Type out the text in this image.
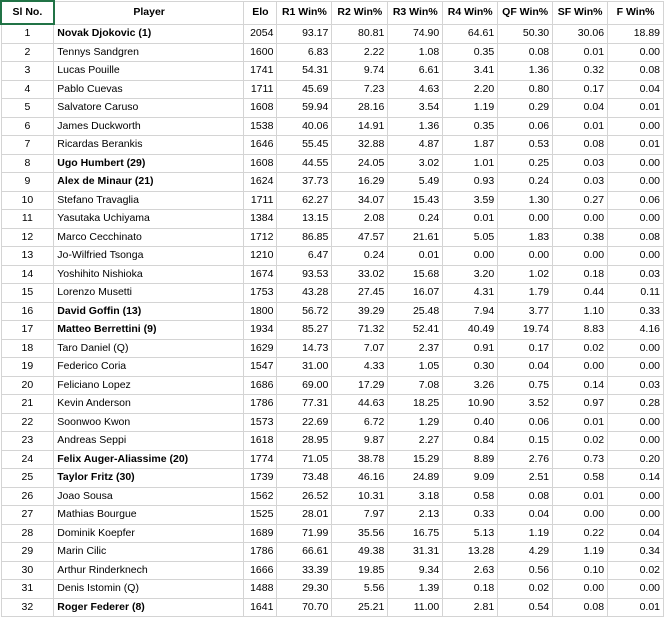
Sl No.	Player	Elo	R1 Win%	R2 Win%	R3 Win%	R4 Win%	QF Win%	SF Win%	F Win%
1	Novak Djokovic (1)	2054	93.17	80.81	74.90	64.61	50.30	30.06	18.89
2	Tennys Sandgren	1600	6.83	2.22	1.08	0.35	0.08	0.01	0.00
3	Lucas Pouille	1741	54.31	9.74	6.61	3.41	1.36	0.32	0.08
4	Pablo Cuevas	1711	45.69	7.23	4.63	2.20	0.80	0.17	0.04
5	Salvatore Caruso	1608	59.94	28.16	3.54	1.19	0.29	0.04	0.01
6	James Duckworth	1538	40.06	14.91	1.36	0.35	0.06	0.01	0.00
7	Ricardas Berankis	1646	55.45	32.88	4.87	1.87	0.53	0.08	0.01
8	Ugo Humbert (29)	1608	44.55	24.05	3.02	1.01	0.25	0.03	0.00
9	Alex de Minaur (21)	1624	37.73	16.29	5.49	0.93	0.24	0.03	0.00
10	Stefano Travaglia	1711	62.27	34.07	15.43	3.59	1.30	0.27	0.06
11	Yasutaka Uchiyama	1384	13.15	2.08	0.24	0.01	0.00	0.00	0.00
12	Marco Cecchinato	1712	86.85	47.57	21.61	5.05	1.83	0.38	0.08
13	Jo-Wilfried Tsonga	1210	6.47	0.24	0.01	0.00	0.00	0.00	0.00
14	Yoshihito Nishioka	1674	93.53	33.02	15.68	3.20	1.02	0.18	0.03
15	Lorenzo Musetti	1753	43.28	27.45	16.07	4.31	1.79	0.44	0.11
16	David Goffin (13)	1800	56.72	39.29	25.48	7.94	3.77	1.10	0.33
17	Matteo Berrettini (9)	1934	85.27	71.32	52.41	40.49	19.74	8.83	4.16
18	Taro Daniel (Q)	1629	14.73	7.07	2.37	0.91	0.17	0.02	0.00
19	Federico Coria	1547	31.00	4.33	1.05	0.30	0.04	0.00	0.00
20	Feliciano Lopez	1686	69.00	17.29	7.08	3.26	0.75	0.14	0.03
21	Kevin Anderson	1786	77.31	44.63	18.25	10.90	3.52	0.97	0.28
22	Soonwoo Kwon	1573	22.69	6.72	1.29	0.40	0.06	0.01	0.00
23	Andreas Seppi	1618	28.95	9.87	2.27	0.84	0.15	0.02	0.00
24	Felix Auger-Aliassime (20)	1774	71.05	38.78	15.29	8.89	2.76	0.73	0.20
25	Taylor Fritz (30)	1739	73.48	46.16	24.89	9.09	2.51	0.58	0.14
26	Joao Sousa	1562	26.52	10.31	3.18	0.58	0.08	0.01	0.00
27	Mathias Bourgue	1525	28.01	7.97	2.13	0.33	0.04	0.00	0.00
28	Dominik Koepfer	1689	71.99	35.56	16.75	5.13	1.19	0.22	0.04
29	Marin Cilic	1786	66.61	49.38	31.31	13.28	4.29	1.19	0.34
30	Arthur Rinderknech	1666	33.39	19.85	9.34	2.63	0.56	0.10	0.02
31	Denis Istomin (Q)	1488	29.30	5.56	1.39	0.18	0.02	0.00	0.00
32	Roger Federer (8)	1641	70.70	25.21	11.00	2.81	0.54	0.08	0.01
